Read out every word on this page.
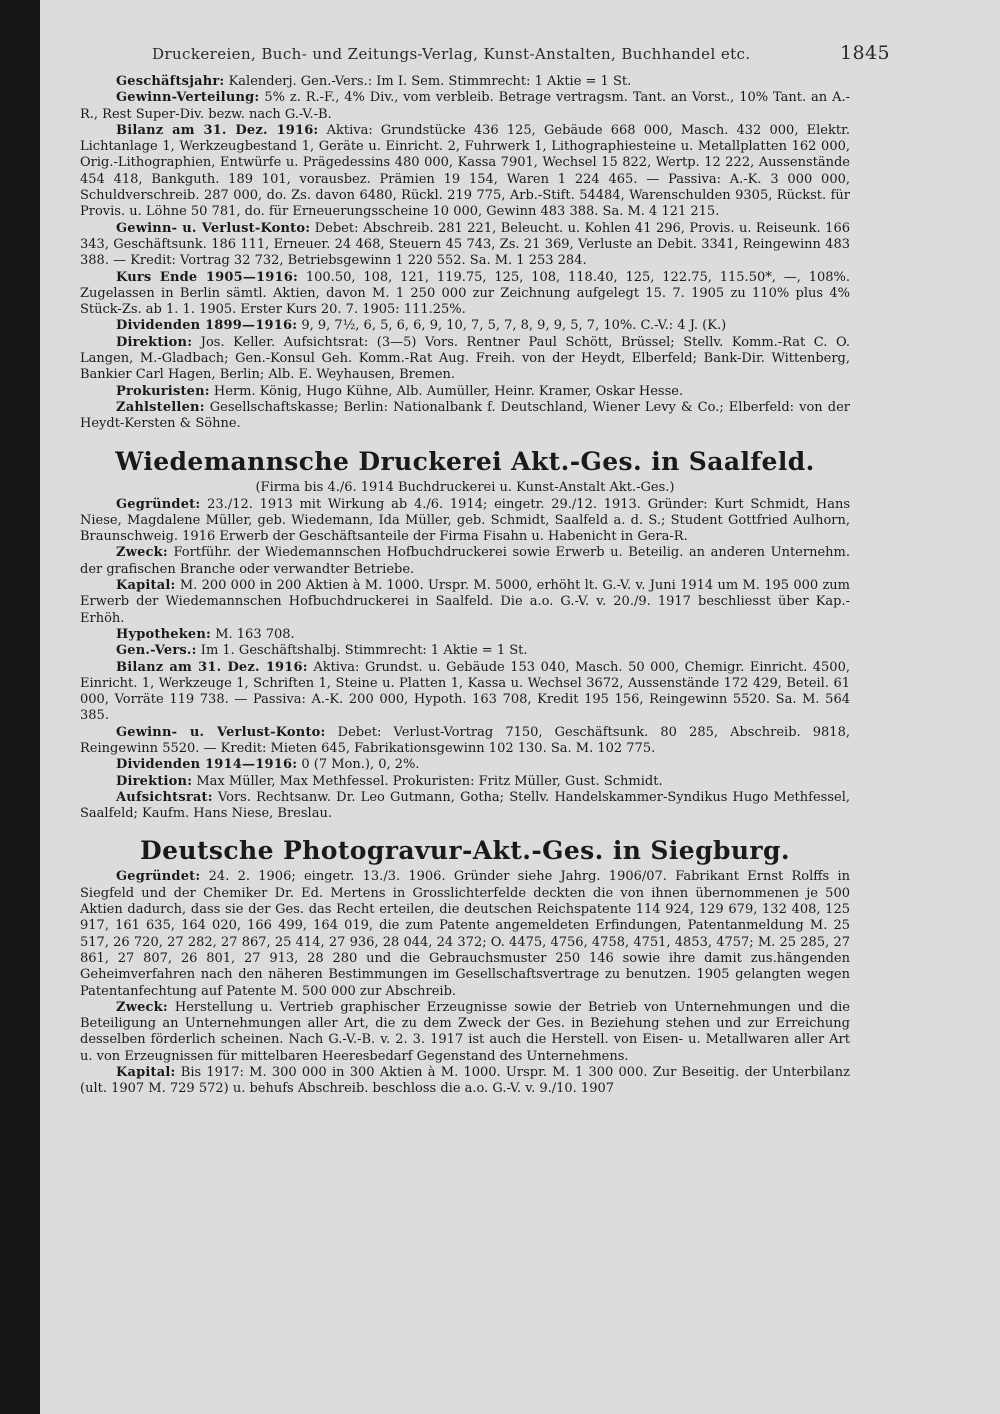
Druckereien, Buch- und Zeitungs-Verlag, Kunst-Anstalten, Buchhandel etc.	1845

Geschäftsjahr: Kalenderj. Gen.-Vers.: Im I. Sem. Stimmrecht: 1 Aktie = 1 St.

Gewinn-Verteilung: 5% z. R.-F., 4% Div., vom verbleib. Betrage vertragsm. Tant. an Vorst., 10% Tant. an A.-R., Rest Super-Div. bezw. nach G.-V.-B.

Bilanz am 31. Dez. 1916: Aktiva: Grundstücke 436 125, Gebäude 668 000, Masch. 432 000, Elektr. Lichtanlage 1, Werkzeugbestand 1, Geräte u. Einricht. 2, Fuhrwerk 1, Lithographiesteine u. Metallplatten 162 000, Orig.-Lithographien, Entwürfe u. Prägedessins 480 000, Kassa 7901, Wechsel 15 822, Wertp. 12 222, Aussenstände 454 418, Bankguth. 189 101, vorausbez. Prämien 19 154, Waren 1 224 465. — Passiva: A.-K. 3 000 000, Schuldverschreib. 287 000, do. Zs. davon 6480, Rückl. 219 775, Arb.-Stift. 54484, Warenschulden 9305, Rückst. für Provis. u. Löhne 50 781, do. für Erneuerungsscheine 10 000, Gewinn 483 388. Sa. M. 4 121 215.

Gewinn- u. Verlust-Konto: Debet: Abschreib. 281 221, Beleucht. u. Kohlen 41 296, Provis. u. Reiseunk. 166 343, Geschäftsunk. 186 111, Erneuer. 24 468, Steuern 45 743, Zs. 21 369, Verluste an Debit. 3341, Reingewinn 483 388. — Kredit: Vortrag 32 732, Betriebsgewinn 1 220 552. Sa. M. 1 253 284.

Kurs Ende 1905—1916: 100.50, 108, 121, 119.75, 125, 108, 118.40, 125, 122.75, 115.50*, —, 108%. Zugelassen in Berlin sämtl. Aktien, davon M. 1 250 000 zur Zeichnung aufgelegt 15. 7. 1905 zu 110% plus 4% Stück-Zs. ab 1. 1. 1905. Erster Kurs 20. 7. 1905: 111.25%.

Dividenden 1899—1916: 9, 9, 7½, 6, 5, 6, 6, 9, 10, 7, 5, 7, 8, 9, 9, 5, 7, 10%. C.-V.: 4 J. (K.)

Direktion: Jos. Keller. Aufsichtsrat: (3—5) Vors. Rentner Paul Schött, Brüssel; Stellv. Komm.-Rat C. O. Langen, M.-Gladbach; Gen.-Konsul Geh. Komm.-Rat Aug. Freih. von der Heydt, Elberfeld; Bank-Dir. Wittenberg, Bankier Carl Hagen, Berlin; Alb. E. Weyhausen, Bremen.

Prokuristen: Herm. König, Hugo Kühne, Alb. Aumüller, Heinr. Kramer, Oskar Hesse.

Zahlstellen: Gesellschaftskasse; Berlin: Nationalbank f. Deutschland, Wiener Levy & Co.; Elberfeld: von der Heydt-Kersten & Söhne.

Wiedemannsche Druckerei Akt.-Ges. in Saalfeld.

(Firma bis 4./6. 1914 Buchdruckerei u. Kunst-Anstalt Akt.-Ges.)

Gegründet: 23./12. 1913 mit Wirkung ab 4./6. 1914; eingetr. 29./12. 1913. Gründer: Kurt Schmidt, Hans Niese, Magdalene Müller, geb. Wiedemann, Ida Müller, geb. Schmidt, Saalfeld a. d. S.; Student Gottfried Aulhorn, Braunschweig. 1916 Erwerb der Geschäftsanteile der Firma Fisahn u. Habenicht in Gera-R.

Zweck: Fortführ. der Wiedemannschen Hofbuchdruckerei sowie Erwerb u. Beteilig. an anderen Unternehm. der grafischen Branche oder verwandter Betriebe.

Kapital: M. 200 000 in 200 Aktien à M. 1000. Urspr. M. 5000, erhöht lt. G.-V. v. Juni 1914 um M. 195 000 zum Erwerb der Wiedemannschen Hofbuchdruckerei in Saalfeld. Die a.o. G.-V. v. 20./9. 1917 beschliesst über Kap.-Erhöh.

Hypotheken: M. 163 708.

Gen.-Vers.: Im 1. Geschäftshalbj. Stimmrecht: 1 Aktie = 1 St.

Bilanz am 31. Dez. 1916: Aktiva: Grundst. u. Gebäude 153 040, Masch. 50 000, Chemigr. Einricht. 4500, Einricht. 1, Werkzeuge 1, Schriften 1, Steine u. Platten 1, Kassa u. Wechsel 3672, Aussenstände 172 429, Beteil. 61 000, Vorräte 119 738. — Passiva: A.-K. 200 000, Hypoth. 163 708, Kredit 195 156, Reingewinn 5520. Sa. M. 564 385.

Gewinn- u. Verlust-Konto: Debet: Verlust-Vortrag 7150, Geschäftsunk. 80 285, Abschreib. 9818, Reingewinn 5520. — Kredit: Mieten 645, Fabrikationsgewinn 102 130. Sa. M. 102 775.

Dividenden 1914—1916: 0 (7 Mon.), 0, 2%.

Direktion: Max Müller, Max Methfessel. Prokuristen: Fritz Müller, Gust. Schmidt.

Aufsichtsrat: Vors. Rechtsanw. Dr. Leo Gutmann, Gotha; Stellv. Handelskammer-Syndikus Hugo Methfessel, Saalfeld; Kaufm. Hans Niese, Breslau.

Deutsche Photogravur-Akt.-Ges. in Siegburg.

Gegründet: 24. 2. 1906; eingetr. 13./3. 1906. Gründer siehe Jahrg. 1906/07. Fabrikant Ernst Rolffs in Siegfeld und der Chemiker Dr. Ed. Mertens in Grosslichterfelde deckten die von ihnen übernommenen je 500 Aktien dadurch, dass sie der Ges. das Recht erteilen, die deutschen Reichspatente 114 924, 129 679, 132 408, 125 917, 161 635, 164 020, 166 499, 164 019, die zum Patente angemeldeten Erfindungen, Patentanmeldung M. 25 517, 26 720, 27 282, 27 867, 25 414, 27 936, 28 044, 24 372; O. 4475, 4756, 4758, 4751, 4853, 4757; M. 25 285, 27 861, 27 807, 26 801, 27 913, 28 280 und die Gebrauchsmuster 250 146 sowie ihre damit zus.hängenden Geheimverfahren nach den näheren Bestimmungen im Gesellschaftsvertrage zu benutzen. 1905 gelangten wegen Patentanfechtung auf Patente M. 500 000 zur Abschreib.

Zweck: Herstellung u. Vertrieb graphischer Erzeugnisse sowie der Betrieb von Unternehmungen und die Beteiligung an Unternehmungen aller Art, die zu dem Zweck der Ges. in Beziehung stehen und zur Erreichung desselben förderlich scheinen. Nach G.-V.-B. v. 2. 3. 1917 ist auch die Herstell. von Eisen- u. Metallwaren aller Art u. von Erzeugnissen für mittelbaren Heeresbedarf Gegenstand des Unternehmens.

Kapital: Bis 1917: M. 300 000 in 300 Aktien à M. 1000. Urspr. M. 1 300 000. Zur Beseitig. der Unterbilanz (ult. 1907 M. 729 572) u. behufs Abschreib. beschloss die a.o. G.-V. v. 9./10. 1907
